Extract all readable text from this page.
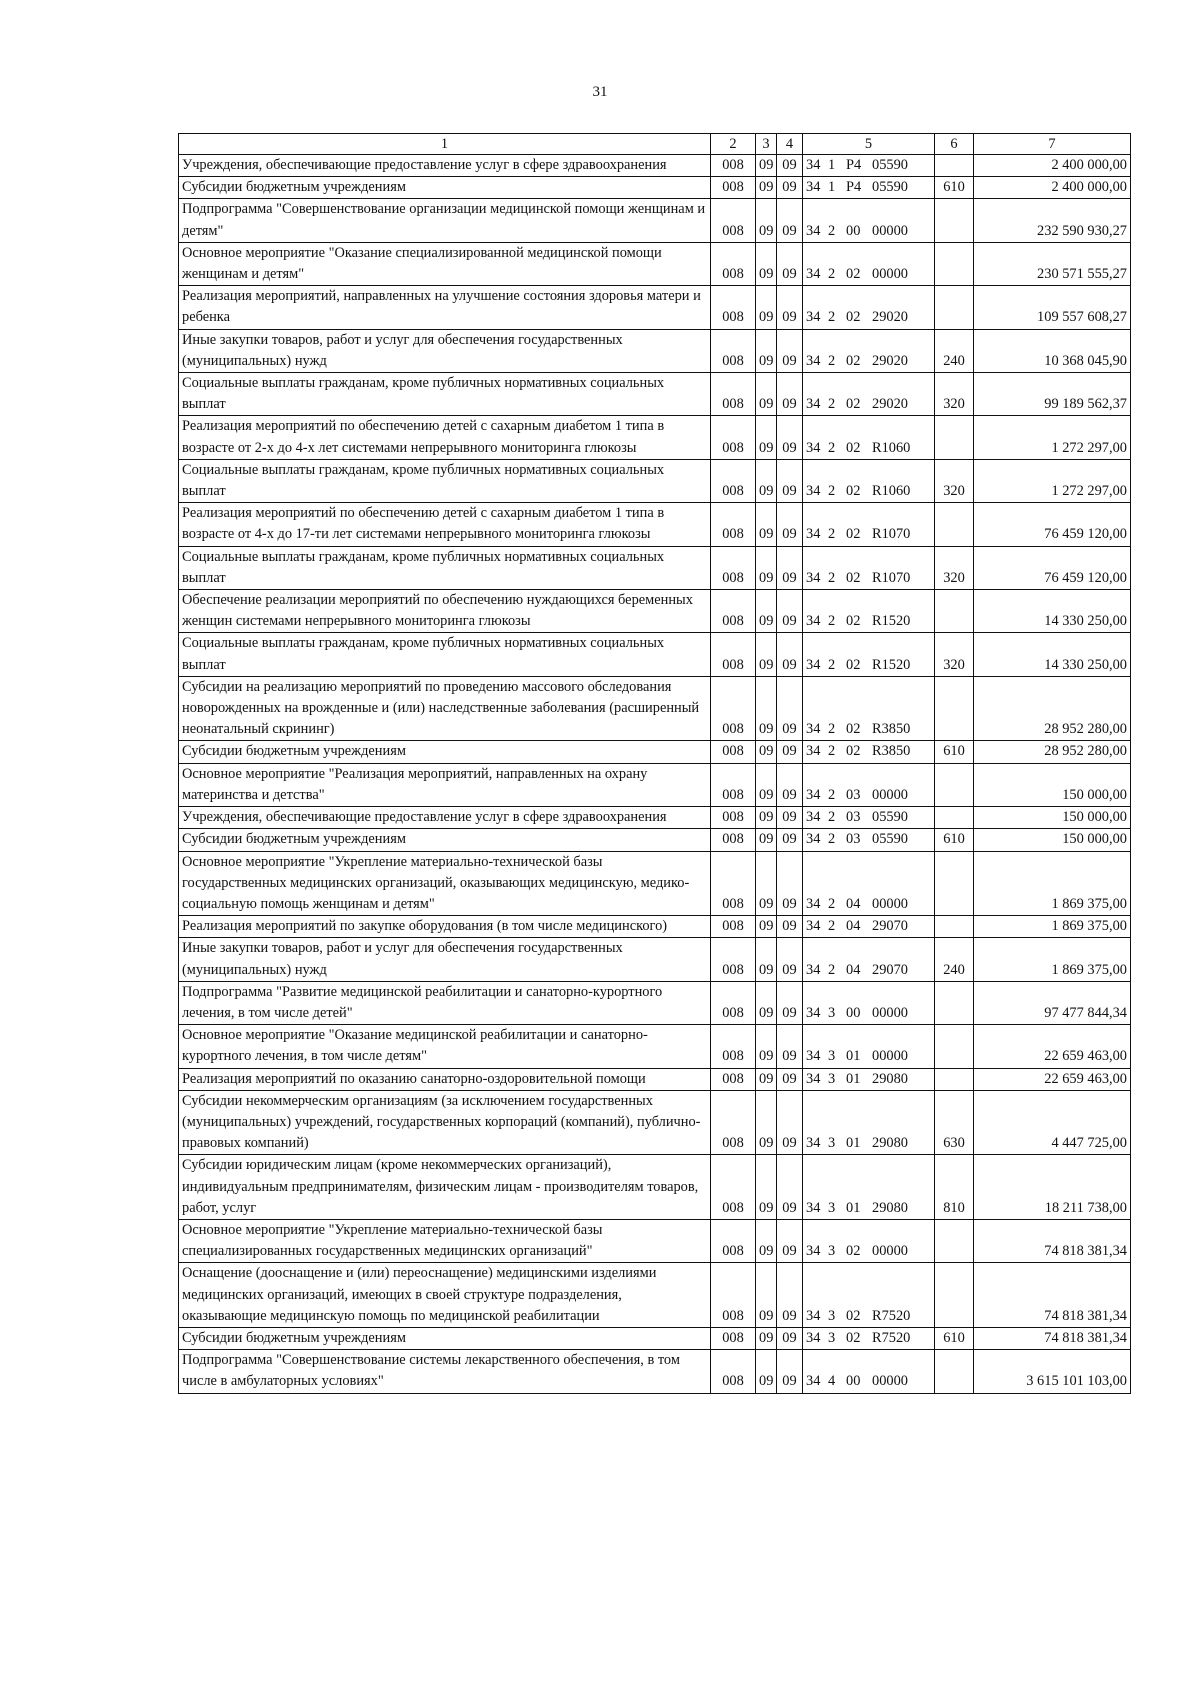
31
1	2	3	4	5	6	7
Учреждения, обеспечивающие предоставление услуг в сфере здравоохранения	008	09	09	34 1 P4 05590		2 400 000,00
Субсидии бюджетным учреждениям	008	09	09	34 1 P4 05590	610	2 400 000,00
Подпрограмма "Совершенствование организации медицинской помощи женщинам и детям"	008	09	09	34 2 00 00000		232 590 930,27
Основное мероприятие "Оказание специализированной медицинской помощи женщинам и детям"	008	09	09	34 2 02 00000		230 571 555,27
Реализация мероприятий, направленных на улучшение состояния здоровья матери и ребенка	008	09	09	34 2 02 29020		109 557 608,27
Иные закупки товаров, работ и услуг для обеспечения государственных (муниципальных) нужд	008	09	09	34 2 02 29020	240	10 368 045,90
Социальные выплаты гражданам, кроме публичных нормативных социальных выплат	008	09	09	34 2 02 29020	320	99 189 562,37
Реализация мероприятий по обеспечению детей с сахарным диабетом 1 типа в возрасте от 2-х до 4-х лет системами непрерывного мониторинга глюкозы	008	09	09	34 2 02 R1060		1 272 297,00
Социальные выплаты гражданам, кроме публичных нормативных социальных выплат	008	09	09	34 2 02 R1060	320	1 272 297,00
Реализация мероприятий по обеспечению детей с сахарным диабетом 1 типа в возрасте от 4-х до 17-ти лет системами непрерывного мониторинга глюкозы	008	09	09	34 2 02 R1070		76 459 120,00
Социальные выплаты гражданам, кроме публичных нормативных социальных выплат	008	09	09	34 2 02 R1070	320	76 459 120,00
Обеспечение реализации мероприятий по обеспечению нуждающихся беременных женщин системами непрерывного мониторинга глюкозы	008	09	09	34 2 02 R1520		14 330 250,00
Социальные выплаты гражданам, кроме публичных нормативных социальных выплат	008	09	09	34 2 02 R1520	320	14 330 250,00
Субсидии на реализацию мероприятий по проведению массового обследования новорожденных на врожденные и (или) наследственные заболевания (расширенный неонатальный скрининг)	008	09	09	34 2 02 R3850		28 952 280,00
Субсидии бюджетным учреждениям	008	09	09	34 2 02 R3850	610	28 952 280,00
Основное мероприятие "Реализация мероприятий, направленных на охрану материнства и детства"	008	09	09	34 2 03 00000		150 000,00
Учреждения, обеспечивающие предоставление услуг в сфере здравоохранения	008	09	09	34 2 03 05590		150 000,00
Субсидии бюджетным учреждениям	008	09	09	34 2 03 05590	610	150 000,00
Основное мероприятие "Укрепление материально-технической базы государственных медицинских организаций, оказывающих медицинскую, медико-социальную помощь женщинам и детям"	008	09	09	34 2 04 00000		1 869 375,00
Реализация мероприятий по закупке оборудования (в том числе медицинского)	008	09	09	34 2 04 29070		1 869 375,00
Иные закупки товаров, работ и услуг для обеспечения государственных (муниципальных) нужд	008	09	09	34 2 04 29070	240	1 869 375,00
Подпрограмма "Развитие медицинской реабилитации и санаторно-курортного лечения, в том числе детей"	008	09	09	34 3 00 00000		97 477 844,34
Основное мероприятие "Оказание медицинской реабилитации и санаторно-курортного лечения, в том числе детям"	008	09	09	34 3 01 00000		22 659 463,00
Реализация мероприятий по оказанию санаторно-оздоровительной помощи	008	09	09	34 3 01 29080		22 659 463,00
Субсидии некоммерческим организациям (за исключением государственных (муниципальных) учреждений, государственных корпораций (компаний), публично-правовых компаний)	008	09	09	34 3 01 29080	630	4 447 725,00
Субсидии юридическим лицам (кроме некоммерческих организаций), индивидуальным предпринимателям, физическим лицам - производителям товаров, работ, услуг	008	09	09	34 3 01 29080	810	18 211 738,00
Основное мероприятие "Укрепление материально-технической базы специализированных государственных медицинских организаций"	008	09	09	34 3 02 00000		74 818 381,34
Оснащение (дооснащение и (или) переоснащение) медицинскими изделиями медицинских организаций, имеющих в своей структуре подразделения, оказывающие медицинскую помощь по медицинской реабилитации	008	09	09	34 3 02 R7520		74 818 381,34
Субсидии бюджетным учреждениям	008	09	09	34 3 02 R7520	610	74 818 381,34
Подпрограмма "Совершенствование системы лекарственного обеспечения, в том числе в амбулаторных условиях"	008	09	09	34 4 00 00000		3 615 101 103,00
